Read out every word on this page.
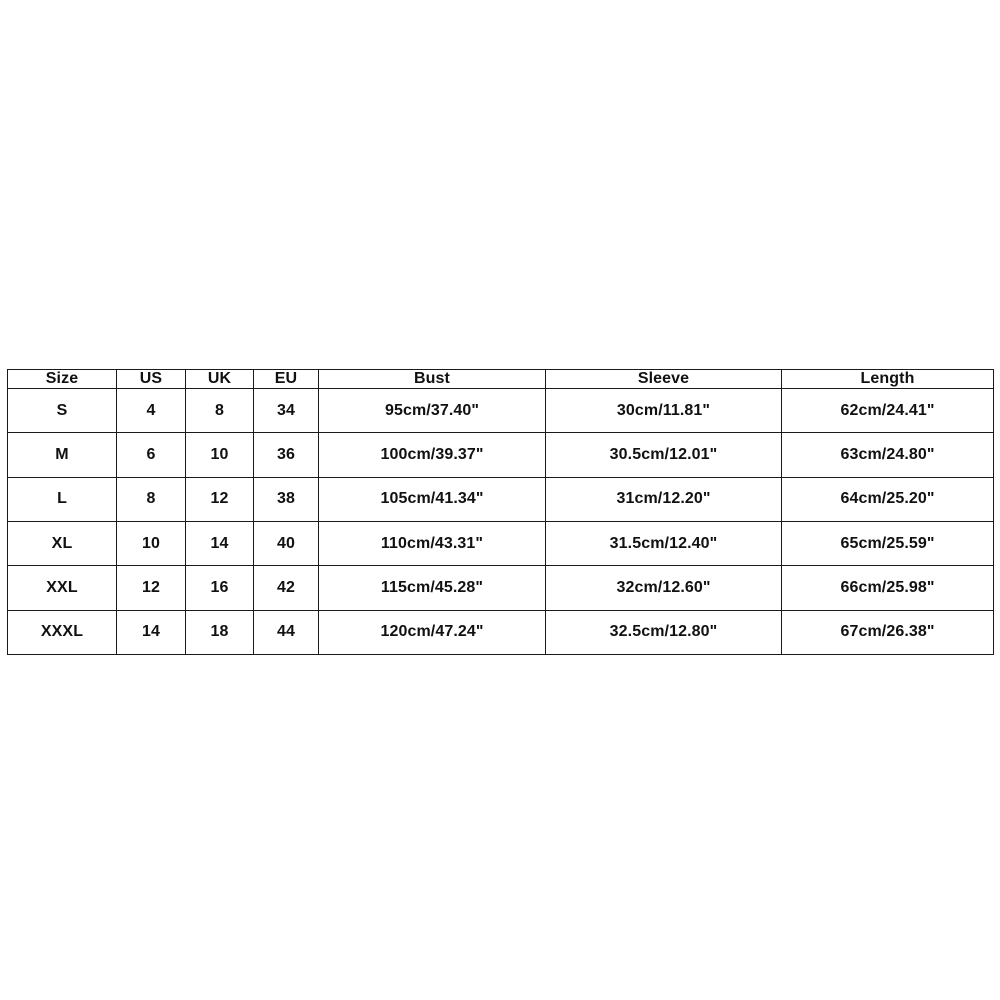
Size	US	UK	EU	Bust	Sleeve	Length
S	4	8	34	95cm/37.40"	30cm/11.81"	62cm/24.41"
M	6	10	36	100cm/39.37"	30.5cm/12.01"	63cm/24.80"
L	8	12	38	105cm/41.34"	31cm/12.20"	64cm/25.20"
XL	10	14	40	110cm/43.31"	31.5cm/12.40"	65cm/25.59"
XXL	12	16	42	115cm/45.28"	32cm/12.60"	66cm/25.98"
XXXL	14	18	44	120cm/47.24"	32.5cm/12.80"	67cm/26.38"
